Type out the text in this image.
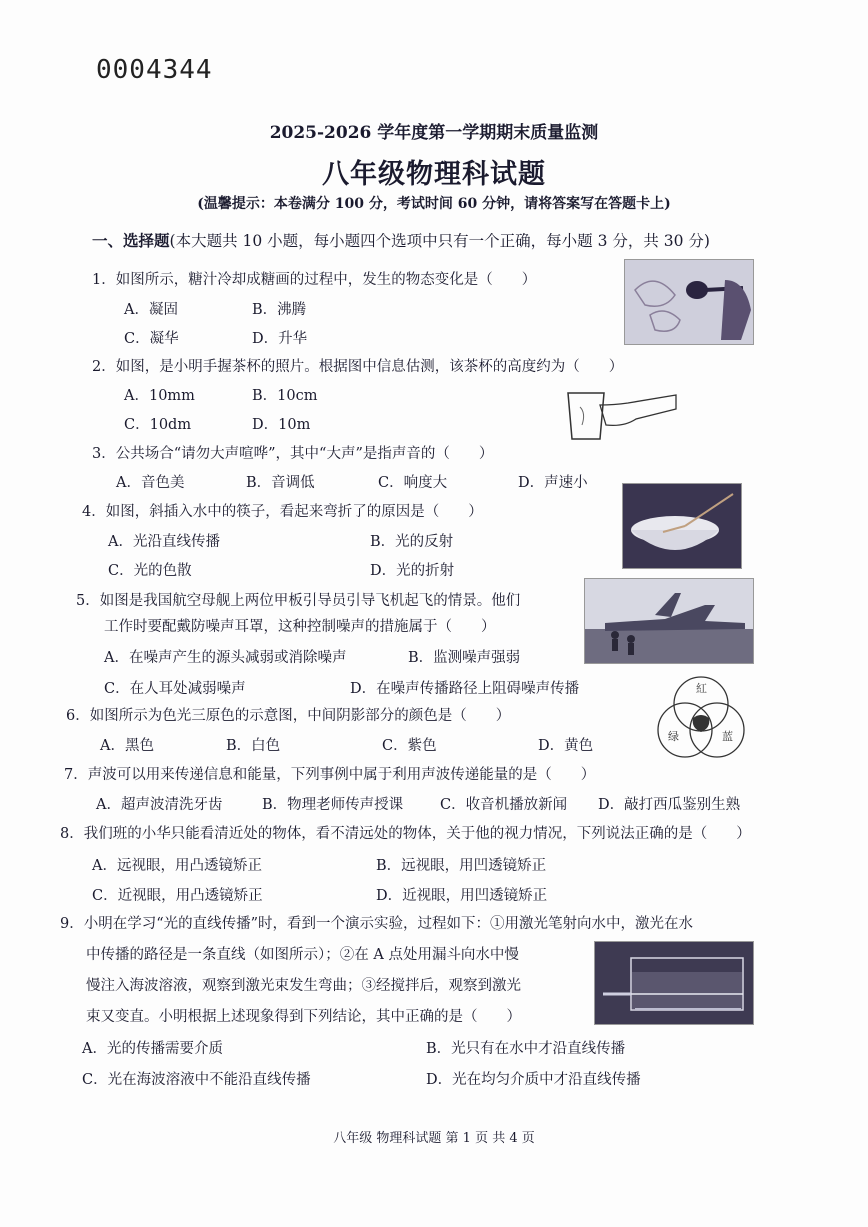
0004344
2025-2026 学年度第一学期期末质量监测
八年级物理科试题
(温馨提示：本卷满分 100 分，考试时间 60 分钟，请将答案写在答题卡上)
一、选择题(本大题共 10 小题，每小题四个选项中只有一个正确，每小题 3 分，共 30 分)
1．如图所示，糖汁冷却成糖画的过程中，发生的物态变化是（　　）
A．凝固	B．沸腾
C．凝华	D．升华
2．如图，是小明手握茶杯的照片。根据图中信息估测，该茶杯的高度约为（　　）
A．10mm	B．10cm
C．10dm	D．10m
3．公共场合“请勿大声喧哗”，其中“大声”是指声音的（　　）
A．音色美	B．音调低	C．响度大	D．声速小
4．如图，斜插入水中的筷子，看起来弯折了的原因是（　　）
A．光沿直线传播	B．光的反射
C．光的色散	D．光的折射
5．如图是我国航空母舰上两位甲板引导员引导飞机起飞的情景。他们
工作时要配戴防噪声耳罩，这种控制噪声的措施属于（　　）
A．在噪声产生的源头减弱或消除噪声	B．监测噪声强弱
C．在人耳处减弱噪声	D．在噪声传播路径上阻碍噪声传播
6．如图所示为色光三原色的示意图，中间阴影部分的颜色是（　　）
A．黑色	B．白色	C．紫色	D．黄色
紅
绿	蓝
7．声波可以用来传递信息和能量，下列事例中属于利用声波传递能量的是（　　）
A．超声波清洗牙齿	B．物理老师传声授课	C．收音机播放新闻 D．敲打西瓜鉴别生熟
8．我们班的小华只能看清近处的物体，看不清远处的物体，关于他的视力情况，下列说法正确的是（　　）
A．远视眼，用凸透镜矫正	B．远视眼，用凹透镜矫正
C．近视眼，用凸透镜矫正	D．近视眼，用凹透镜矫正
9．小明在学习“光的直线传播”时，看到一个演示实验，过程如下：①用激光笔射向水中，激光在水
中传播的路径是一条直线（如图所示）；②在 A 点处用漏斗向水中慢
慢注入海波溶液，观察到激光束发生弯曲；③经搅拌后，观察到激光
束又变直。小明根据上述现象得到下列结论，其中正确的是（　　）
A．光的传播需要介质	B．光只有在水中才沿直线传播
C．光在海波溶液中不能沿直线传播	D．光在均匀介质中才沿直线传播
八年级 物理科试题 第 1 页 共 4 页
